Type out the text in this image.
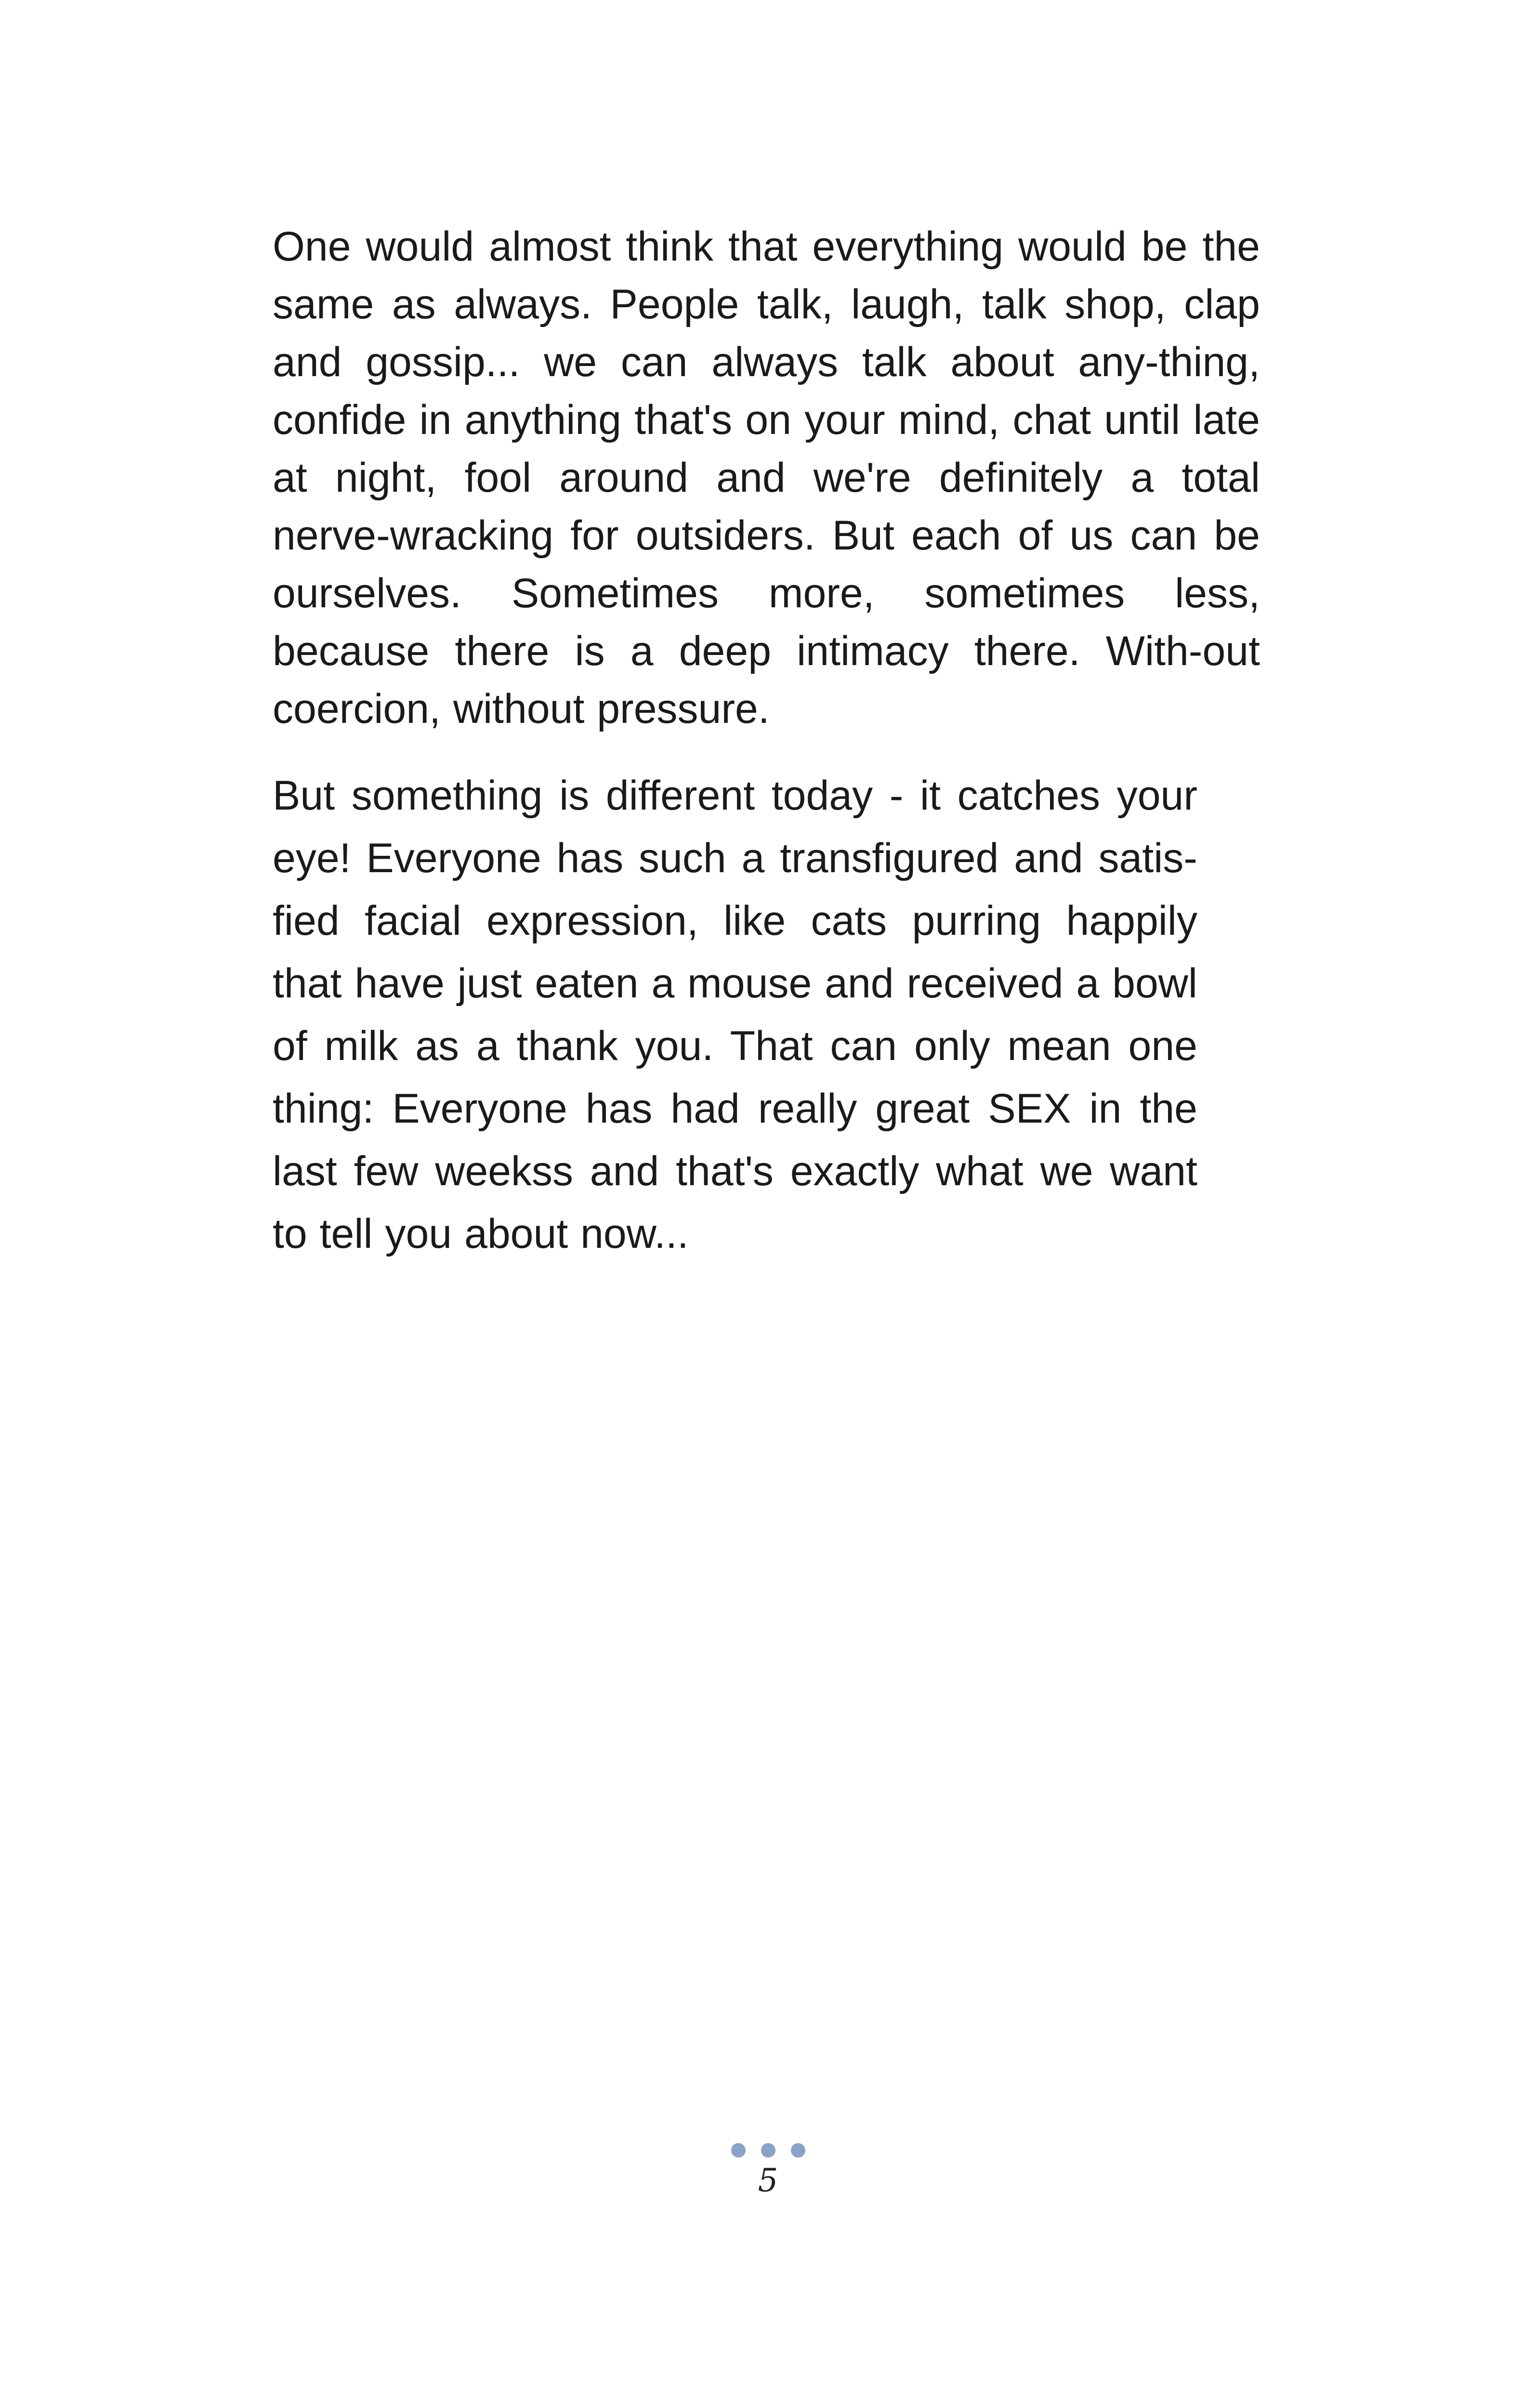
One would almost think that everything would be the same as always. People talk, laugh, talk shop, clap and gossip... we can always talk about any-thing, confide in anything that's on your mind, chat until late at night, fool around and we're definitely a total nerve-wracking for outsiders. But each of us can be ourselves. Sometimes more, sometimes less, because there is a deep intimacy there. With-out coercion, without pressure.

But something is different today - it catches your eye! Everyone has such a transfigured and satis-fied facial expression, like cats purring happily that have just eaten a mouse and received a bowl of milk as a thank you. That can only mean one thing: Everyone has had really great SEX in the last few weekss and that's exactly what we want to tell you about now...

5
